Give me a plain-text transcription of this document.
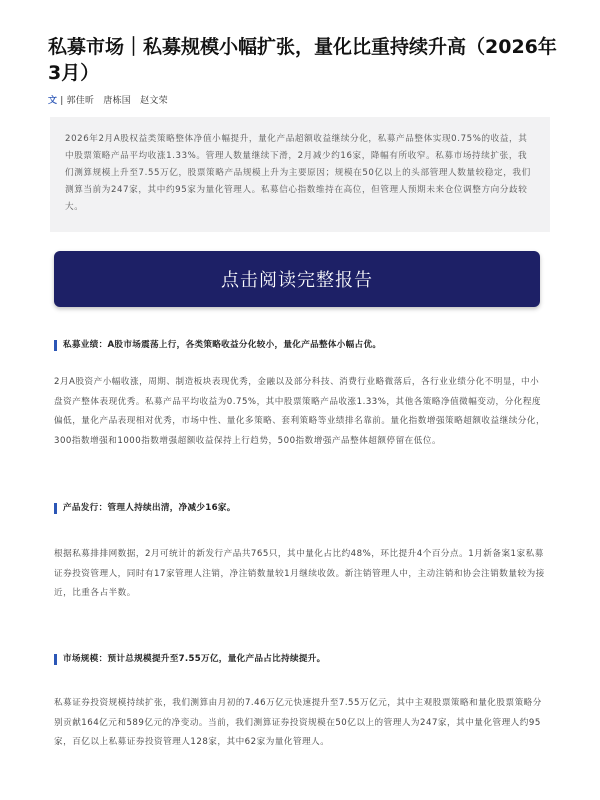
私募市场｜私募规模小幅扩张，量化比重持续升高（2026年3月）
文 | 郭佳昕　唐栋国　赵文荣
2026年2月A股权益类策略整体净值小幅提升，量化产品超额收益继续分化，私募产品整体实现0.75%的收益，其中股票策略产品平均收涨1.33%。管理人数量继续下滑，2月减少约16家，降幅有所收窄。私募市场持续扩张，我们测算规模上升至7.55万亿，股票策略产品规模上升为主要原因；规模在50亿以上的头部管理人数量较稳定，我们测算当前为247家，其中约95家为量化管理人。私募信心指数维持在高位，但管理人预期未来仓位调整方向分歧较大。
点击阅读完整报告
私募业绩：A股市场震荡上行，各类策略收益分化较小，量化产品整体小幅占优。
2月A股资产小幅收涨，周期、制造板块表现优秀，金融以及部分科技、消费行业略微落后，各行业业绩分化不明显，中小盘资产整体表现优秀。私募产品平均收益为0.75%，其中股票策略产品收涨1.33%，其他各策略净值微幅变动，分化程度偏低，量化产品表现相对优秀，市场中性、量化多策略、套利策略等业绩排名靠前。量化指数增强策略超额收益继续分化，300指数增强和1000指数增强超额收益保持上行趋势，500指数增强产品整体超额停留在低位。
产品发行：管理人持续出清，净减少16家。
根据私募排排网数据，2月可统计的新发行产品共765只，其中量化占比约48%，环比提升4个百分点。1月新备案1家私募证券投资管理人，同时有17家管理人注销，净注销数量较1月继续收敛。新注销管理人中，主动注销和协会注销数量较为接近，比重各占半数。
市场规模：预计总规模提升至7.55万亿，量化产品占比持续提升。
私募证券投资规模持续扩张，我们测算由月初的7.46万亿元快速提升至7.55万亿元，其中主观股票策略和量化股票策略分别贡献164亿元和589亿元的净变动。当前，我们测算证券投资规模在50亿以上的管理人为247家，其中量化管理人约95家，百亿以上私募证券投资管理人128家，其中62家为量化管理人。
